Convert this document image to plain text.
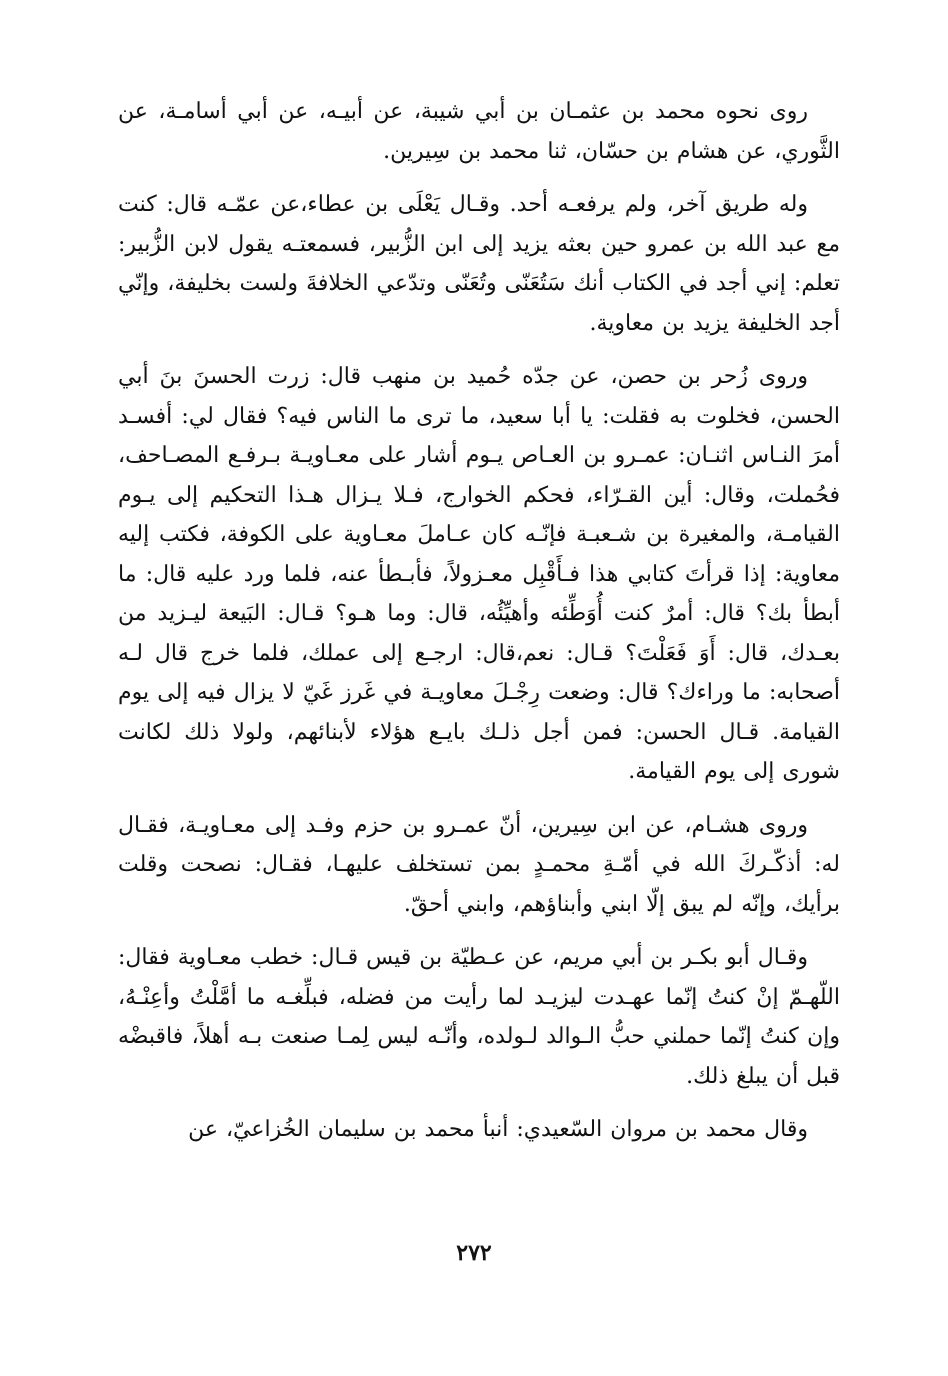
روى نحوه محمد بن عثمـان بن أبي شيبة، عن أبيـه، عن أبي أسامـة، عن الثَّوري، عن هشام بن حسّان، ثنا محمد بن سِيرين.

وله طريق آخر، ولم يرفعـه أحد. وقـال يَعْلَى بن عطاء،عن عمّـه قال: كنت مع عبد الله بن عمرو حين بعثه يزيد إلى ابن الزُّبير، فسمعتـه يقول لابن الزُّبير: تعلم: إني أجد في الكتاب أنك سَتُعَنّى وتُعَنّى وتدّعي الخلافةَ ولست بخليفة، وإنّي أجد الخليفة يزيد بن معاوية.

وروى زُحر بن حصن، عن جدّه حُميد بن منهب قال: زرت الحسنَ بنَ أبي الحسن، فخلوت به فقلت: يا أبا سعيد، ما ترى ما الناس فيه؟ فقال لي: أفسـد أمرَ النـاس اثنـان: عمـرو بن العـاص يـوم أشار على معـاويـة بـرفـع المصـاحف، فحُملت، وقال: أين القـرّاء، فحكم الخوارج، فـلا يـزال هـذا التحكيم إلى يـوم القيامـة، والمغيرة بن شـعبـة فإنّـه كان عـاملَ معـاوية على الكوفة، فكتب إليه معاوية: إذا قرأتَ كتابي هذا فـأَقْبِل معـزولاً، فأبـطأ عنه، فلما ورد عليه قال: ما أبطأ بك؟ قال: أمرٌ كنت أُوَطِّئه وأهيِّئُه، قال: وما هـو؟ قـال: البَيعة ليـزيد من بعـدك، قال: أَوَ فَعَلْتَ؟ قـال: نعم،قال: ارجـع إلى عملك، فلما خرج قال لـه أصحابه: ما وراءك؟ قال: وضعت رِجْـلَ معاويـة في غَرز غَيّ لا يزال فيه إلى يوم القيامة. قـال الحسن: فمن أجل ذلـك بايـع هؤلاء لأبنائهم، ولولا ذلك لكانت شورى إلى يوم القيامة.

وروى هشـام، عن ابن سِيرين، أنّ عمـرو بن حزم وفـد إلى معـاويـة، فقـال له: أذكّـركَ الله في أمّـةِ محمـدٍ بمن تستخلف عليهـا، فقـال: نصحت وقلت برأيك، وإنّه لم يبق إلّا ابني وأبناؤهم، وابني أحقّ.

وقـال أبو بكـر بن أبي مريم، عن عـطيّة بن قيس قـال: خطب معـاوية فقال: اللّهـمّ إنْ كنتُ إنّما عهـدت ليزيـد لما رأيت من فضله، فبلِّغـه ما أمَّلْتُ وأعِنْـهُ، وإن كنتُ إنّما حملني حبُّ الـوالد لـولده، وأنّـه ليس لِمـا صنعت بـه أهلاً، فاقبضْه قبل أن يبلغ ذلك.

وقال محمد بن مروان السّعيدي: أنبأ محمد بن سليمان الخُزاعيّ، عن

٢٧٢
